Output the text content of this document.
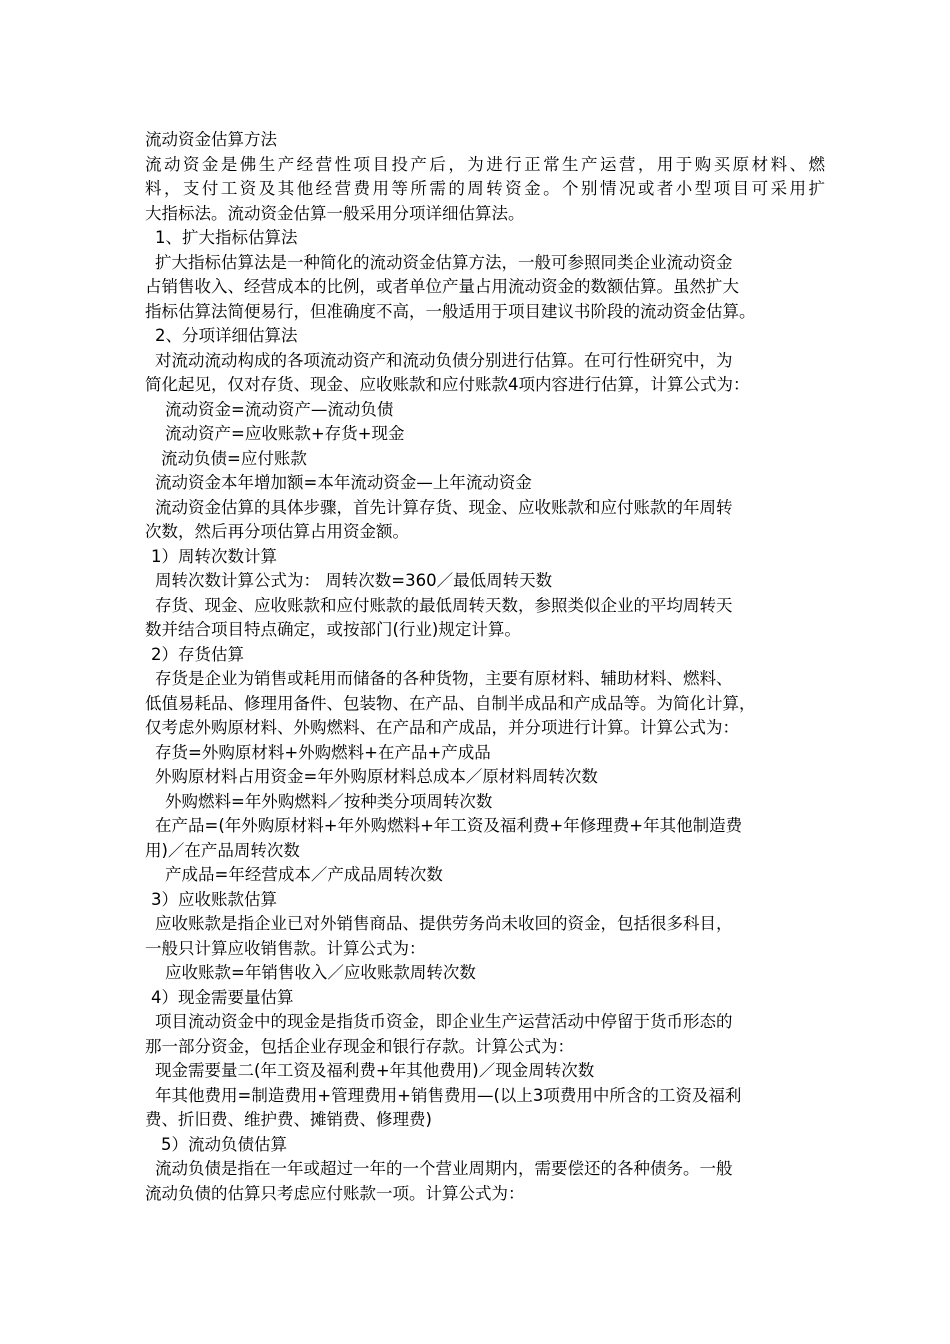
流动资金估算方法
流动资金是佛生产经营性项目投产后，为进行正常生产运营，用于购买原材料、燃
料，支付工资及其他经营费用等所需的周转资金。个别情况或者小型项目可采用扩
大指标法。流动资金估算一般采用分项详细估算法。
1、扩大指标估算法
扩大指标估算法是一种简化的流动资金估算方法，一般可参照同类企业流动资金
占销售收入、经营成本的比例，或者单位产量占用流动资金的数额估算。虽然扩大
指标估算法简便易行，但准确度不高，一般适用于项目建议书阶段的流动资金估算。
2、分项详细估算法
对流动流动构成的各项流动资产和流动负债分别进行估算。在可行性研究中，为
简化起见，仅对存货、现金、应收账款和应付账款4项内容进行估算，计算公式为：
流动资金=流动资产—流动负债
流动资产=应收账款+存货+现金
流动负债=应付账款
流动资金本年增加额=本年流动资金—上年流动资金
流动资金估算的具体步骤，首先计算存货、现金、应收账款和应付账款的年周转
次数，然后再分项估算占用资金额。
1）周转次数计算
周转次数计算公式为： 周转次数=360／最低周转天数
存货、现金、应收账款和应付账款的最低周转天数，参照类似企业的平均周转天
数并结合项目特点确定，或按部门(行业)规定计算。
2）存货估算
存货是企业为销售或耗用而储备的各种货物，主要有原材料、辅助材料、燃料、
低值易耗品、修理用备件、包装物、在产品、自制半成品和产成品等。为简化计算，
仅考虑外购原材料、外购燃料、在产品和产成品，并分项进行计算。计算公式为：
存货=外购原材料+外购燃料+在产品+产成品
外购原材料占用资金=年外购原材料总成本／原材料周转次数
外购燃料=年外购燃料／按种类分项周转次数
在产品=(年外购原材料+年外购燃料+年工资及福利费+年修理费+年其他制造费
用)／在产品周转次数
产成品=年经营成本／产成品周转次数
3）应收账款估算
应收账款是指企业已对外销售商品、提供劳务尚未收回的资金，包括很多科目，
一般只计算应收销售款。计算公式为：
应收账款=年销售收入／应收账款周转次数
4）现金需要量估算
项目流动资金中的现金是指货币资金，即企业生产运营活动中停留于货币形态的
那一部分资金，包括企业存现金和银行存款。计算公式为：
现金需要量二(年工资及福利费+年其他费用)／现金周转次数
年其他费用=制造费用+管理费用+销售费用—(以上3项费用中所含的工资及福利
费、折旧费、维护费、摊销费、修理费)
5）流动负债估算
流动负债是指在一年或超过一年的一个营业周期内，需要偿还的各种债务。一般
流动负债的估算只考虑应付账款一项。计算公式为：
